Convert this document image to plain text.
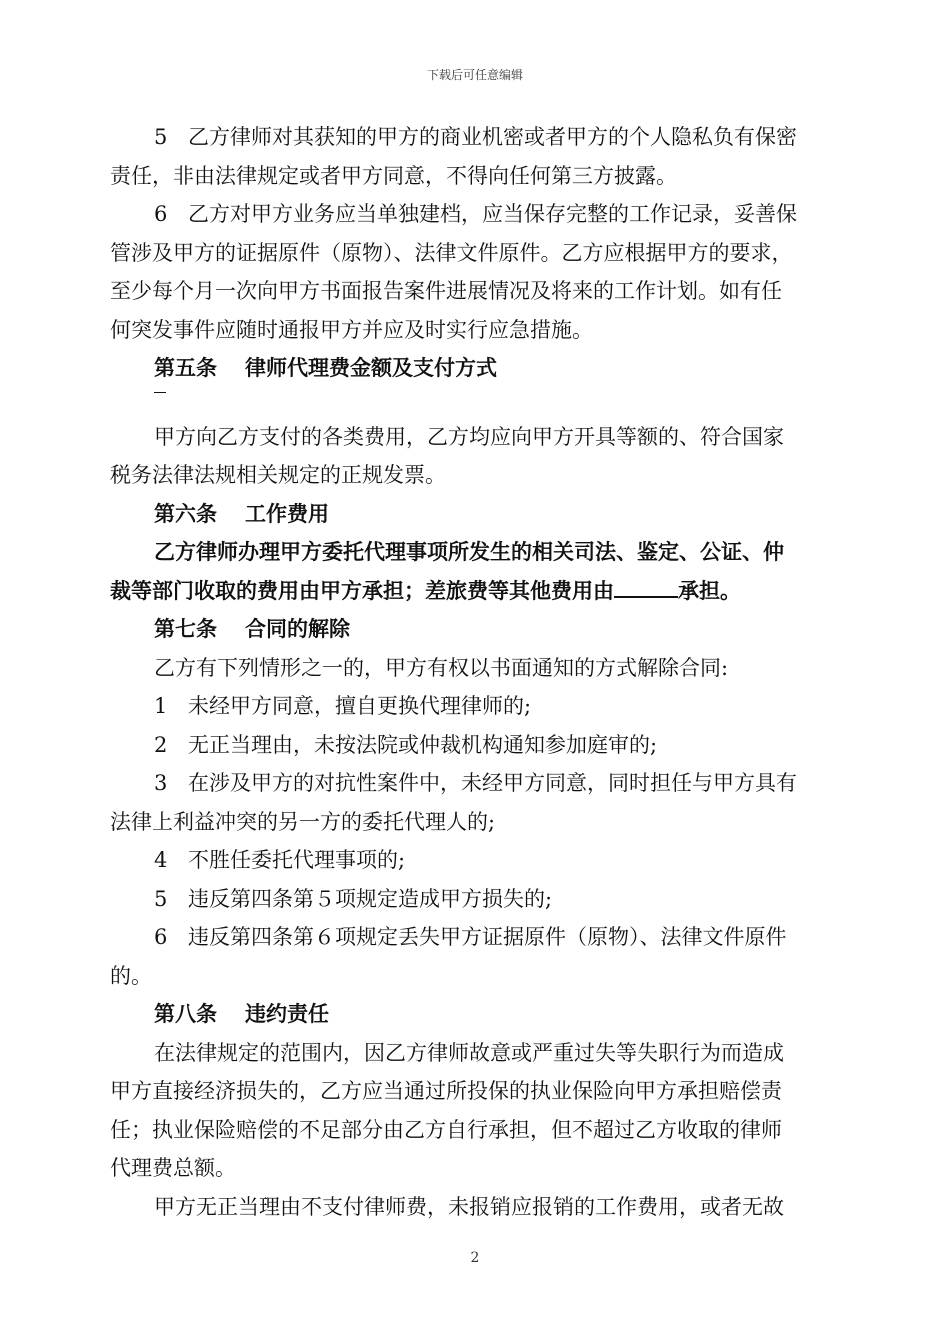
下载后可任意编辑
5 乙方律师对其获知的甲方的商业机密或者甲方的个人隐私负有保密
责任，非由法律规定或者甲方同意，不得向任何第三方披露。
6 乙方对甲方业务应当单独建档，应当保存完整的工作记录，妥善保
管涉及甲方的证据原件（原物）、法律文件原件。乙方应根据甲方的要求，
至少每个月一次向甲方书面报告案件进展情况及将来的工作计划。如有任
何突发事件应随时通报甲方并应及时实行应急措施。
第五条 律师代理费金额及支付方式
甲方向乙方支付的各类费用，乙方均应向甲方开具等额的、符合国家
税务法律法规相关规定的正规发票。
第六条 工作费用
乙方律师办理甲方委托代理事项所发生的相关司法、鉴定、公证、仲
裁等部门收取的费用由甲方承担；差旅费等其他费用由	承担。
第七条 合同的解除
乙方有下列情形之一的，甲方有权以书面通知的方式解除合同:
1 未经甲方同意，擅自更换代理律师的;
2 无正当理由，未按法院或仲裁机构通知参加庭审的;
3 在涉及甲方的对抗性案件中，未经甲方同意，同时担任与甲方具有
法律上利益冲突的另一方的委托代理人的;
4 不胜任委托代理事项的;
5 违反第四条第５项规定造成甲方损失的;
6 违反第四条第６项规定丢失甲方证据原件（原物）、法律文件原件
的。
第八条 违约责任
在法律规定的范围内，因乙方律师故意或严重过失等失职行为而造成
甲方直接经济损失的，乙方应当通过所投保的执业保险向甲方承担赔偿责
任；执业保险赔偿的不足部分由乙方自行承担，但不超过乙方收取的律师
代理费总额。
甲方无正当理由不支付律师费，未报销应报销的工作费用，或者无故
2
